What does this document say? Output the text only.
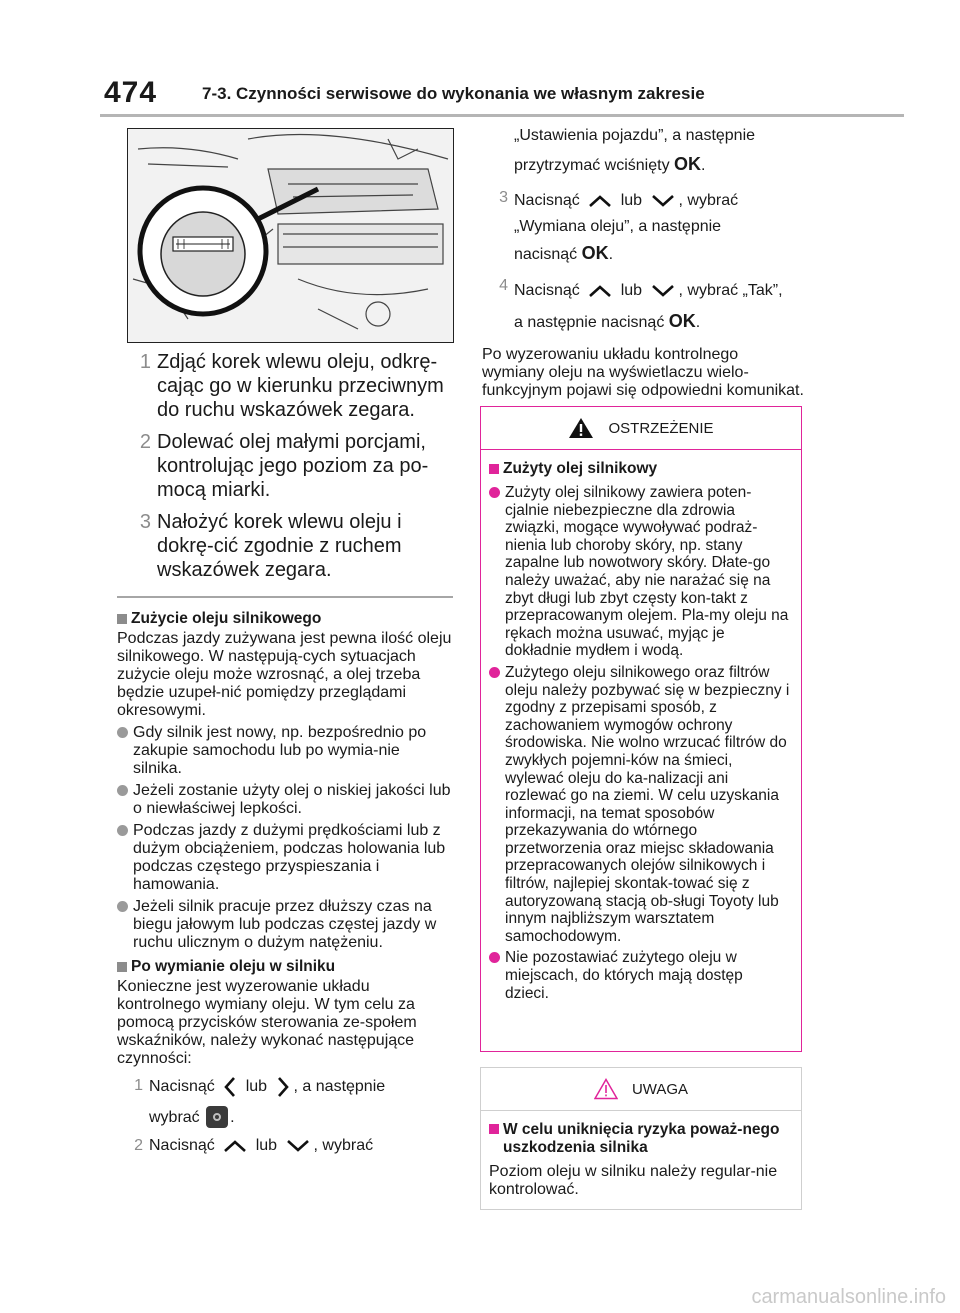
474	7-3. Czynności serwisowe do wykonania we własnym zakresie
1 Zdjąć korek wlewu oleju, odkrę-cając go w kierunku przeciwnym do ruchu wskazówek zegara.
2 Dolewać olej małymi porcjami, kontrolując jego poziom za po-mocą miarki.
3 Nałożyć korek wlewu oleju i dokrę-cić zgodnie z ruchem wskazówek zegara.
Zużycie oleju silnikowego

Podczas jazdy zużywana jest pewna ilość oleju silnikowego. W następują-cych sytuacjach zużycie oleju może wzrosnąć, a olej trzeba będzie uzupeł-nić pomiędzy przeglądami okresowymi.

Gdy silnik jest nowy, np. bezpośrednio po zakupie samochodu lub po wymia-nie silnika.
Jeżeli zostanie użyty olej o niskiej jakości lub o niewłaściwej lepkości.
Podczas jazdy z dużymi prędkościami lub z dużym obciążeniem, podczas holowania lub podczas częstego przyspieszania i hamowania.
Jeżeli silnik pracuje przez dłuższy czas na biegu jałowym lub podczas częstej jazdy w ruchu ulicznym o dużym natężeniu.
Po wymianie oleju w silniku

Konieczne jest wyzerowanie układu kontrolnego wymiany oleju. W tym celu za pomocą przycisków sterowania ze-społem wskaźników, należy wykonać następujące czynności:

1 Nacisnąć lub , a następnie
wybrać .
2 Nacisnąć	lub , wybrać
„Ustawienia pojazdu”, a następnie
przytrzymać wciśnięty OK.
3 Nacisnąć	lub , wybrać
„Wymiana oleju”, a następnie
nacisnąć OK.
4 Nacisnąć	lub , wybrać „Tak”,
a następnie nacisnąć OK.

Po wyzerowaniu układu kontrolnego wymiany oleju na wyświetlaczu wielo-funkcyjnym pojawi się odpowiedni komunikat.

OSTRZEŻENIE
Zużyty olej silnikowy
Zużyty olej silnikowy zawiera poten-cjalnie niebezpieczne dla zdrowia związki, mogące wywoływać podraż-nienia lub choroby skóry, np. stany zapalne lub nowotwory skóry. Dłate-go należy uważać, aby nie narażać się na zbyt długi lub zbyt częsty kon-takt z przepracowanym olejem. Pla-my oleju na rękach można usuwać, myjąc je dokładnie mydłem i wodą.
Zużytego oleju silnikowego oraz filtrów oleju należy pozbywać się w bezpieczny i zgodny z przepisami sposób, z zachowaniem wymogów ochrony środowiska. Nie wolno wrzucać filtrów do zwykłych pojemni-ków na śmieci, wylewać oleju do ka-nalizacji ani rozlewać go na ziemi. W celu uzyskania informacji, na temat sposobów przekazywania do wtórnego przetworzenia oraz miejsc składowania przepracowanych olejów silnikowych i filtrów, najlepiej skontak-tować się z autoryzowaną stacją ob-sługi Toyoty lub innym najbliższym warsztatem samochodowym.
Nie pozostawiać zużytego oleju w miejscach, do których mają dostęp dzieci.
UWAGA
W celu uniknięcia ryzyka poważ-nego uszkodzenia silnika

Poziom oleju w silniku należy regular-nie kontrolować.

carmanualsonline.info
